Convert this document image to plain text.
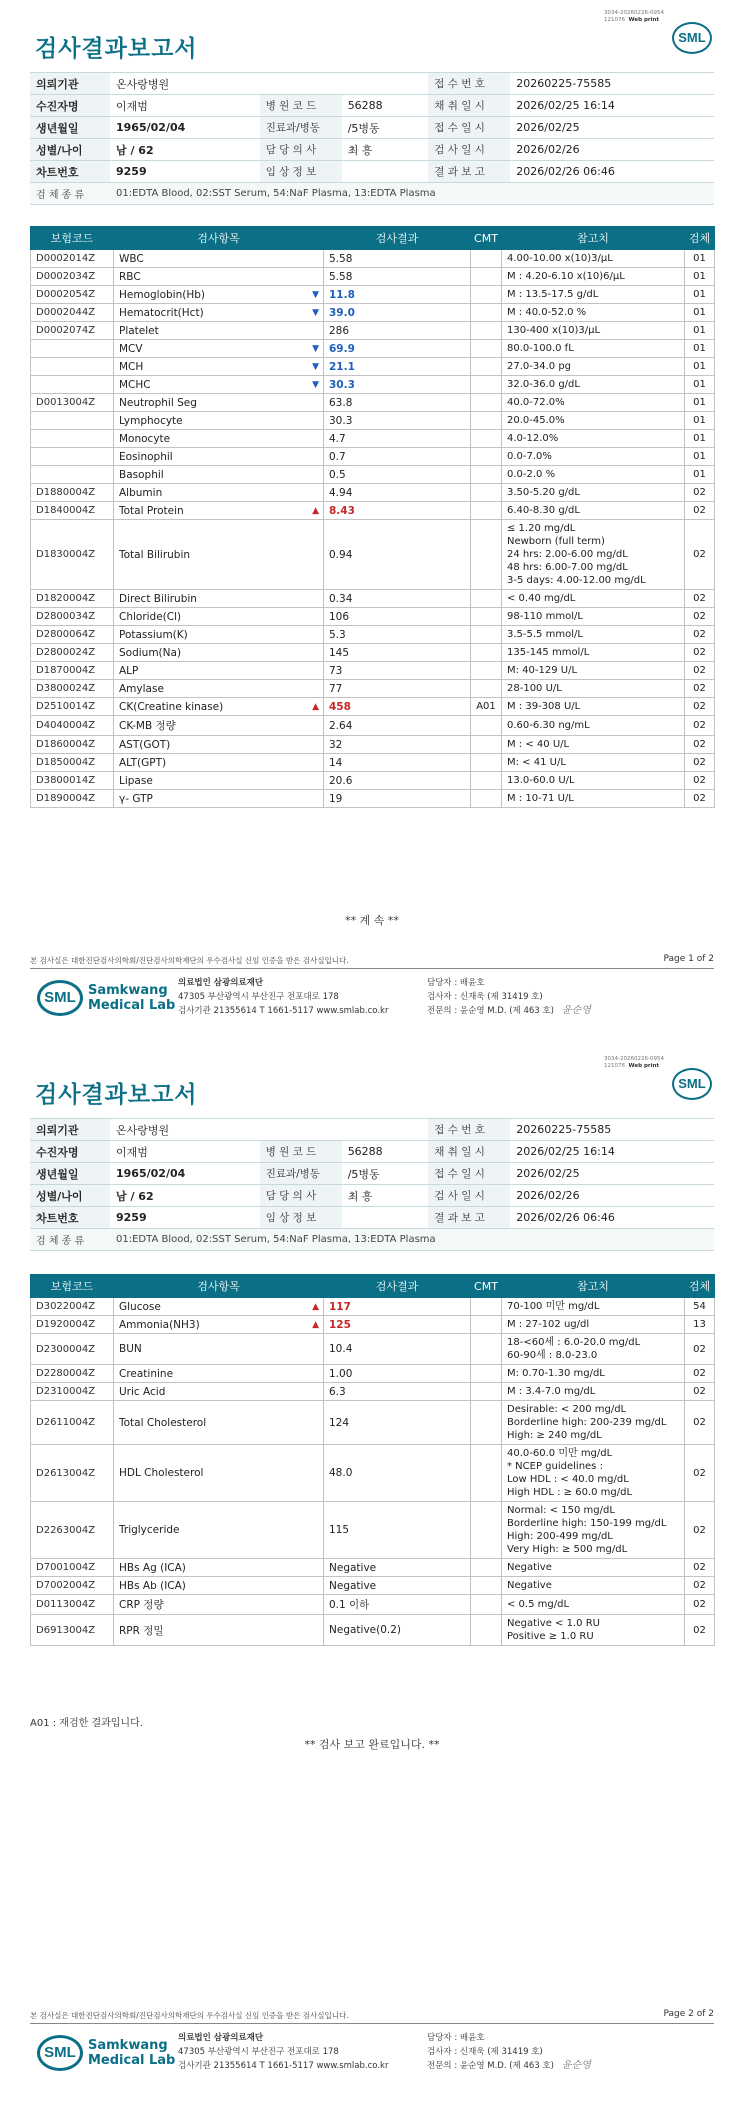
3034-20260226-0954
121076 Web print
검사결과보고서	SML
의뢰기관	온사랑병원			접 수 번 호	20260225-75585
수진자명	이재범	병 원 코 드	56288	채 취 일 시	2026/02/25 16:14
생년월일	1965/02/04	진료과/병동	/5병동	접 수 일 시	2026/02/25
성별/나이	남 / 62	담 당 의 사	최 흥	검 사 일 시	2026/02/26
차트번호	9259	임 상 정 보		결 과 보 고	2026/02/26 06:46
검 체 종 류	01:EDTA Blood, 02:SST Serum, 54:NaF Plasma, 13:EDTA Plasma				
보험코드	검사항목	검사결과	CMT	참고치	검체
D0002014Z	WBC	5.58		4.00-10.00 x(10)3/μL	01
D0002034Z	RBC	5.58		M : 4.20-6.10 x(10)6/μL	01
D0002054Z	Hemoglobin(Hb) ▼	11.8		M : 13.5-17.5 g/dL	01
D0002044Z	Hematocrit(Hct) ▼	39.0		M : 40.0-52.0 %	01
D0002074Z	Platelet	286		130-400 x(10)3/μL	01
	MCV ▼	69.9		80.0-100.0 fL	01
	MCH ▼	21.1		27.0-34.0 pg	01
	MCHC ▼	30.3		32.0-36.0 g/dL	01
D0013004Z	Neutrophil Seg	63.8		40.0-72.0%	01
	Lymphocyte	30.3		20.0-45.0%	01
	Monocyte	4.7		4.0-12.0%	01
	Eosinophil	0.7		0.0-7.0%	01
	Basophil	0.5		0.0-2.0 %	01
D1880004Z	Albumin	4.94		3.50-5.20 g/dL	02
D1840004Z	Total Protein ▲	8.43		6.40-8.30 g/dL	02
D1830004Z	Total Bilirubin	0.94		≤ 1.20 mg/dL
Newborn (full term)
24 hrs: 2.00-6.00 mg/dL
48 hrs: 6.00-7.00 mg/dL
3-5 days: 4.00-12.00 mg/dL	02
D1820004Z	Direct Bilirubin	0.34		< 0.40 mg/dL	02
D2800034Z	Chloride(Cl)	106		98-110 mmol/L	02
D2800064Z	Potassium(K)	5.3		3.5-5.5 mmol/L	02
D2800024Z	Sodium(Na)	145		135-145 mmol/L	02
D1870004Z	ALP	73		M: 40-129 U/L	02
D3800024Z	Amylase	77		28-100 U/L	02
D2510014Z	CK(Creatine kinase) ▲	458	A01	M : 39-308 U/L	02
D4040004Z	CK-MB 정량	2.64		0.60-6.30 ng/mL	02
D1860004Z	AST(GOT)	32		M : < 40 U/L	02
D1850004Z	ALT(GPT)	14		M: < 41 U/L	02
D3800014Z	Lipase	20.6		13.0-60.0 U/L	02
D1890004Z	γ- GTP	19		M : 10-71 U/L	02
** 계 속 **
본 검사실은 대한진단검사의학회/진단검사의학재단의 우수검사실 신임 인증을 받은 검사실입니다.	Page 1 of 2
SML Samkwang
Medical Lab
의료법인 삼광의료재단
47305 부산광역시 부산진구 전포대로 178
검사기관 21355614 T 1661-5117 www.smlab.co.kr
담당자 : 배윤호
검사자 : 신재욱 (제 31419 호)
전문의 : 윤순영 M.D. (제 463 호) 윤순영
3034-20260226-0954
121076 Web print
검사결과보고서	SML
의뢰기관	온사랑병원			접 수 번 호	20260225-75585
수진자명	이재범	병 원 코 드	56288	채 취 일 시	2026/02/25 16:14
생년월일	1965/02/04	진료과/병동	/5병동	접 수 일 시	2026/02/25
성별/나이	남 / 62	담 당 의 사	최 흥	검 사 일 시	2026/02/26
차트번호	9259	임 상 정 보		결 과 보 고	2026/02/26 06:46
검 체 종 류	01:EDTA Blood, 02:SST Serum, 54:NaF Plasma, 13:EDTA Plasma				
보험코드	검사항목	검사결과	CMT	참고치	검체
D3022004Z	Glucose ▲	117		70-100 미만 mg/dL	54
D1920004Z	Ammonia(NH3) ▲	125		M : 27-102 ug/dl	13
D2300004Z	BUN	10.4		18-<60세 : 6.0-20.0 mg/dL
60-90세 : 8.0-23.0	02
D2280004Z	Creatinine	1.00		M: 0.70-1.30 mg/dL	02
D2310004Z	Uric Acid	6.3		M : 3.4-7.0 mg/dL	02
D2611004Z	Total Cholesterol	124		Desirable: < 200 mg/dL
Borderline high: 200-239 mg/dL
High: ≥ 240 mg/dL	02
D2613004Z	HDL Cholesterol	48.0		40.0-60.0 미만 mg/dL
* NCEP guidelines :
Low HDL : < 40.0 mg/dL
High HDL : ≥ 60.0 mg/dL	02
D2263004Z	Triglyceride	115		Normal: < 150 mg/dL
Borderline high: 150-199 mg/dL
High: 200-499 mg/dL
Very High: ≥ 500 mg/dL	02
D7001004Z	HBs Ag (ICA)	Negative		Negative	02
D7002004Z	HBs Ab (ICA)	Negative		Negative	02
D0113004Z	CRP 정량	0.1 이하		< 0.5 mg/dL	02
D6913004Z	RPR 정밀	Negative(0.2)		Negative < 1.0 RU
Positive ≥ 1.0 RU	02
A01 : 재검한 결과입니다.
** 검사 보고 완료입니다. **
본 검사실은 대한진단검사의학회/진단검사의학재단의 우수검사실 신임 인증을 받은 검사실입니다.	Page 2 of 2
SML Samkwang
Medical Lab
의료법인 삼광의료재단
47305 부산광역시 부산진구 전포대로 178
검사기관 21355614 T 1661-5117 www.smlab.co.kr
담당자 : 배윤호
검사자 : 신재욱 (제 31419 호)
전문의 : 윤순영 M.D. (제 463 호) 윤순영
